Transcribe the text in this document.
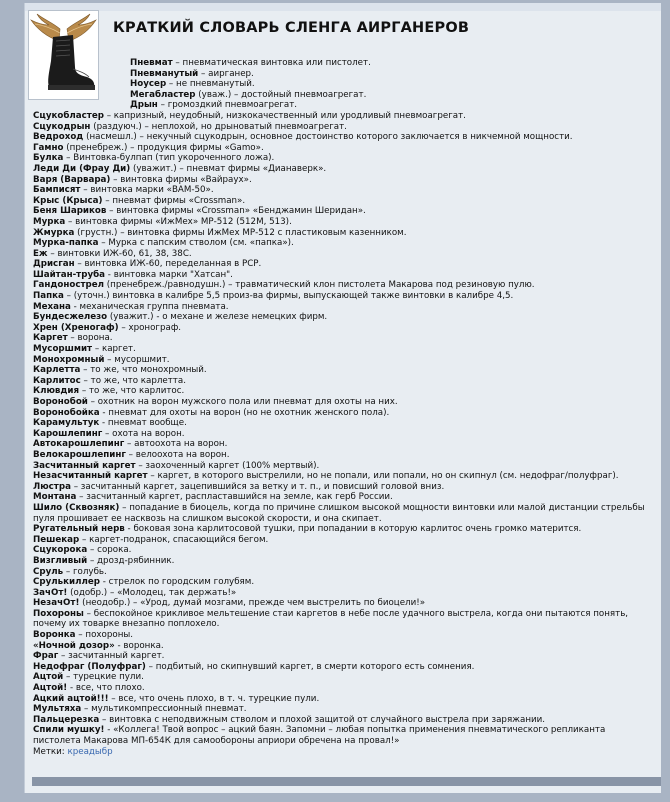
КРАТКИЙ СЛОВАРЬ СЛЕНГА АИРГАНЕРОВ
Пневмат – пневматическая винтовка или пистолет.
Пневманутый – аирганер.
Ноусер – не пневманутый.
Мегабластер (уваж.) – достойный пневмоагрегат.
Дрын – громоздкий пневмоагрегат.
Сцукобластер – капризный, неудобный, низкокачественный или уродливый пневмоагрегат.
Сцукодрын (раздуюч.) – неплохой, но дрыноватый пневмоагрегат.
Ведроход (насмешл.) – некучный сцукодрын, основное достоинство которого заключается в никчемной мощности.
Гамно (пренебреж.) – продукция фирмы «Gamo».
Булка – Винтовка-булпап (тип укороченного ложа).
Леди Ди (Фрау Ди) (уважит.) – пневмат фирмы «Дианаверк».
Варя (Варвара) – винтовка фирмы «Вайраух».
Бамписят – винтовка марки «BAM-50».
Крыс (Крыса) – пневмат фирмы «Crossman».
Беня Шариков – винтовка фирмы «Crossman» «Бенджамин Шеридан».
Мурка – винтовка фирмы «ИжМех» МР-512 (512М, 513).
Жмурка (грустн.) – винтовка фирмы ИжМех МР-512 с пластиковым казенником.
Мурка-папка – Мурка с папским стволом (см. «папка»).
Еж – винтовки ИЖ-60, 61, 38, 38С.
Дрисган – винтовка ИЖ-60, переделанная в РСР.
Шайтан-труба - винтовка марки "Хатсан".
Гандонострел (пренебреж./равнодушн.) – травматический клон пистолета Макарова под резиновую пулю.
Папка – (уточн.) винтовка в калибре 5,5 произ-ва фирмы, выпускающей также винтовки в калибре 4,5.
Механа - механическая группа пневмата.
Бундесжелезо (уважит.) - о механе и железе немецких фирм.
Хрен (Хреногаф) – хронограф.
Каргет – ворона.
Мусоршмит – каргет.
Монохромный – мусоршмит.
Карлетта – то же, что монохромный.
Карлитос – то же, что карлетта.
Клювдия – то же, что карлитос.
Воронобой – охотник на ворон мужского пола или пневмат для охоты на них.
Воронобойка - пневмат для охоты на ворон (но не охотник женского пола).
Карамультук - пневмат вообще.
Карошлепинг – охота на ворон.
Автокарошлепинг – автоохота на ворон.
Велокарошлепинг – велоохота на ворон.
Засчитанный каргет – заохоченный каргет (100% мертвый).
Незасчитанный каргет – каргет, в которого выстрелили, но не попали, или попали, но он скипнул (см. недофраг/полуфраг).
Люстра – засчитанный каргет, зацепившийся за ветку и т. п., и повисший головой вниз.
Монтана – засчитанный каргет, распластавшийся на земле, как герб России.
Шило (Сквозняк) – попадание в биоцель, когда по причине слишком высокой мощности винтовки или малой дистанции стрельбы пуля прошивает ее насквозь на слишком высокой скорости, и она скипает.
Ругательный нерв - боковая зона карлитосовой тушки, при попадании в которую карлитос очень громко матерится.
Пешекар – каргет-подранок, спасающийся бегом.
Сцукорока – сорока.
Визгливый – дрозд-рябинник.
Сруль – голубь.
Срулькиллер - стрелок по городским голубям.
ЗачОт! (одобр.) – «Молодец, так держать!»
НезачОт! (неодобр.) – «Урод, думай мозгами, прежде чем выстрелить по биоцели!»
Похороны – беспокойное крикливое мельтешение стаи каргетов в небе после удачного выстрела, когда они пытаются понять, почему их товарке внезапно поплохело.
Воронка – похороны.
«Ночной дозор» - воронка.
Фраг – засчитанный каргет.
Недофраг (Полуфраг) – подбитый, но скипнувший каргет, в смерти которого есть сомнения.
Ацтой – турецкие пули.
Ацтой! - все, что плохо.
Ацкий ацтой!!! – все, что очень плохо, в т. ч. турецкие пули.
Мультяха – мультикомпрессионный пневмат.
Пальцерезка – винтовка с неподвижным стволом и плохой защитой от случайного выстрела при заряжании.
Спили мушку! - «Коллега! Твой вопрос – ацкий баян. Запомни – любая попытка применения пневматического репликанта пистолета Макарова МП-654К для самообороны априори обречена на провал!»
Метки: креадыбр
